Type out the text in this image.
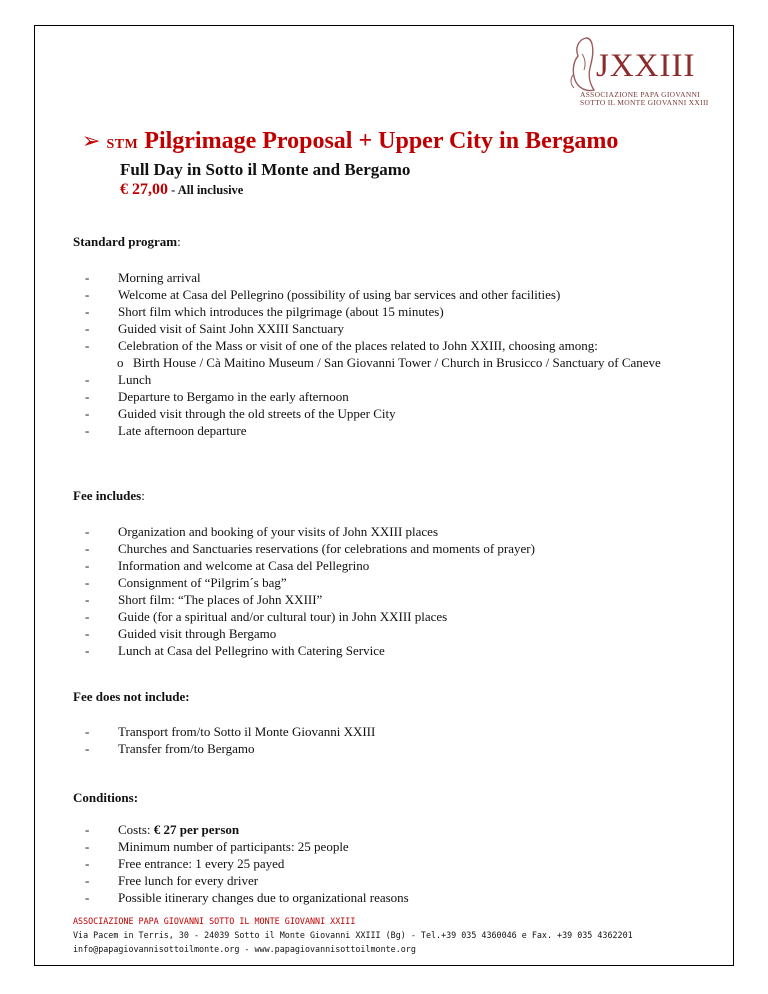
JXXIII
ASSOCIAZIONE PAPA GIOVANNI
SOTTO IL MONTE GIOVANNI XXIII
➢ STM Pilgrimage Proposal + Upper City in Bergamo
Full Day in Sotto il Monte and Bergamo
€ 27,00 - All inclusive
Standard program:
- Morning arrival
- Welcome at Casa del Pellegrino (possibility of using bar services and other facilities)
- Short film which introduces the pilgrimage (about 15 minutes)
- Guided visit of Saint John XXIII Sanctuary
- Celebration of the Mass or visit of one of the places related to John XXIII, choosing among:
o Birth House / Cà Maitino Museum / San Giovanni Tower / Church in Brusicco / Sanctuary of Caneve
- Lunch
- Departure to Bergamo in the early afternoon
- Guided visit through the old streets of the Upper City
- Late afternoon departure
Fee includes:
- Organization and booking of your visits of John XXIII places
- Churches and Sanctuaries reservations (for celebrations and moments of prayer)
- Information and welcome at Casa del Pellegrino
- Consignment of “Pilgrim´s bag”
- Short film: “The places of John XXIII”
- Guide (for a spiritual and/or cultural tour) in John XXIII places
- Guided visit through Bergamo
- Lunch at Casa del Pellegrino with Catering Service
Fee does not include:
- Transport from/to Sotto il Monte Giovanni XXIII
- Transfer from/to Bergamo
Conditions:
- Costs: € 27 per person
- Minimum number of participants: 25 people
- Free entrance: 1 every 25 payed
- Free lunch for every driver
- Possible itinerary changes due to organizational reasons
ASSOCIAZIONE PAPA GIOVANNI SOTTO IL MONTE GIOVANNI XXIII
Via Pacem in Terris, 30 - 24039 Sotto il Monte Giovanni XXIII (Bg) - Tel.+39 035 4360046 e Fax. +39 035 4362201
info@papagiovannisottoilmonte.org - www.papagiovannisottoilmonte.org
